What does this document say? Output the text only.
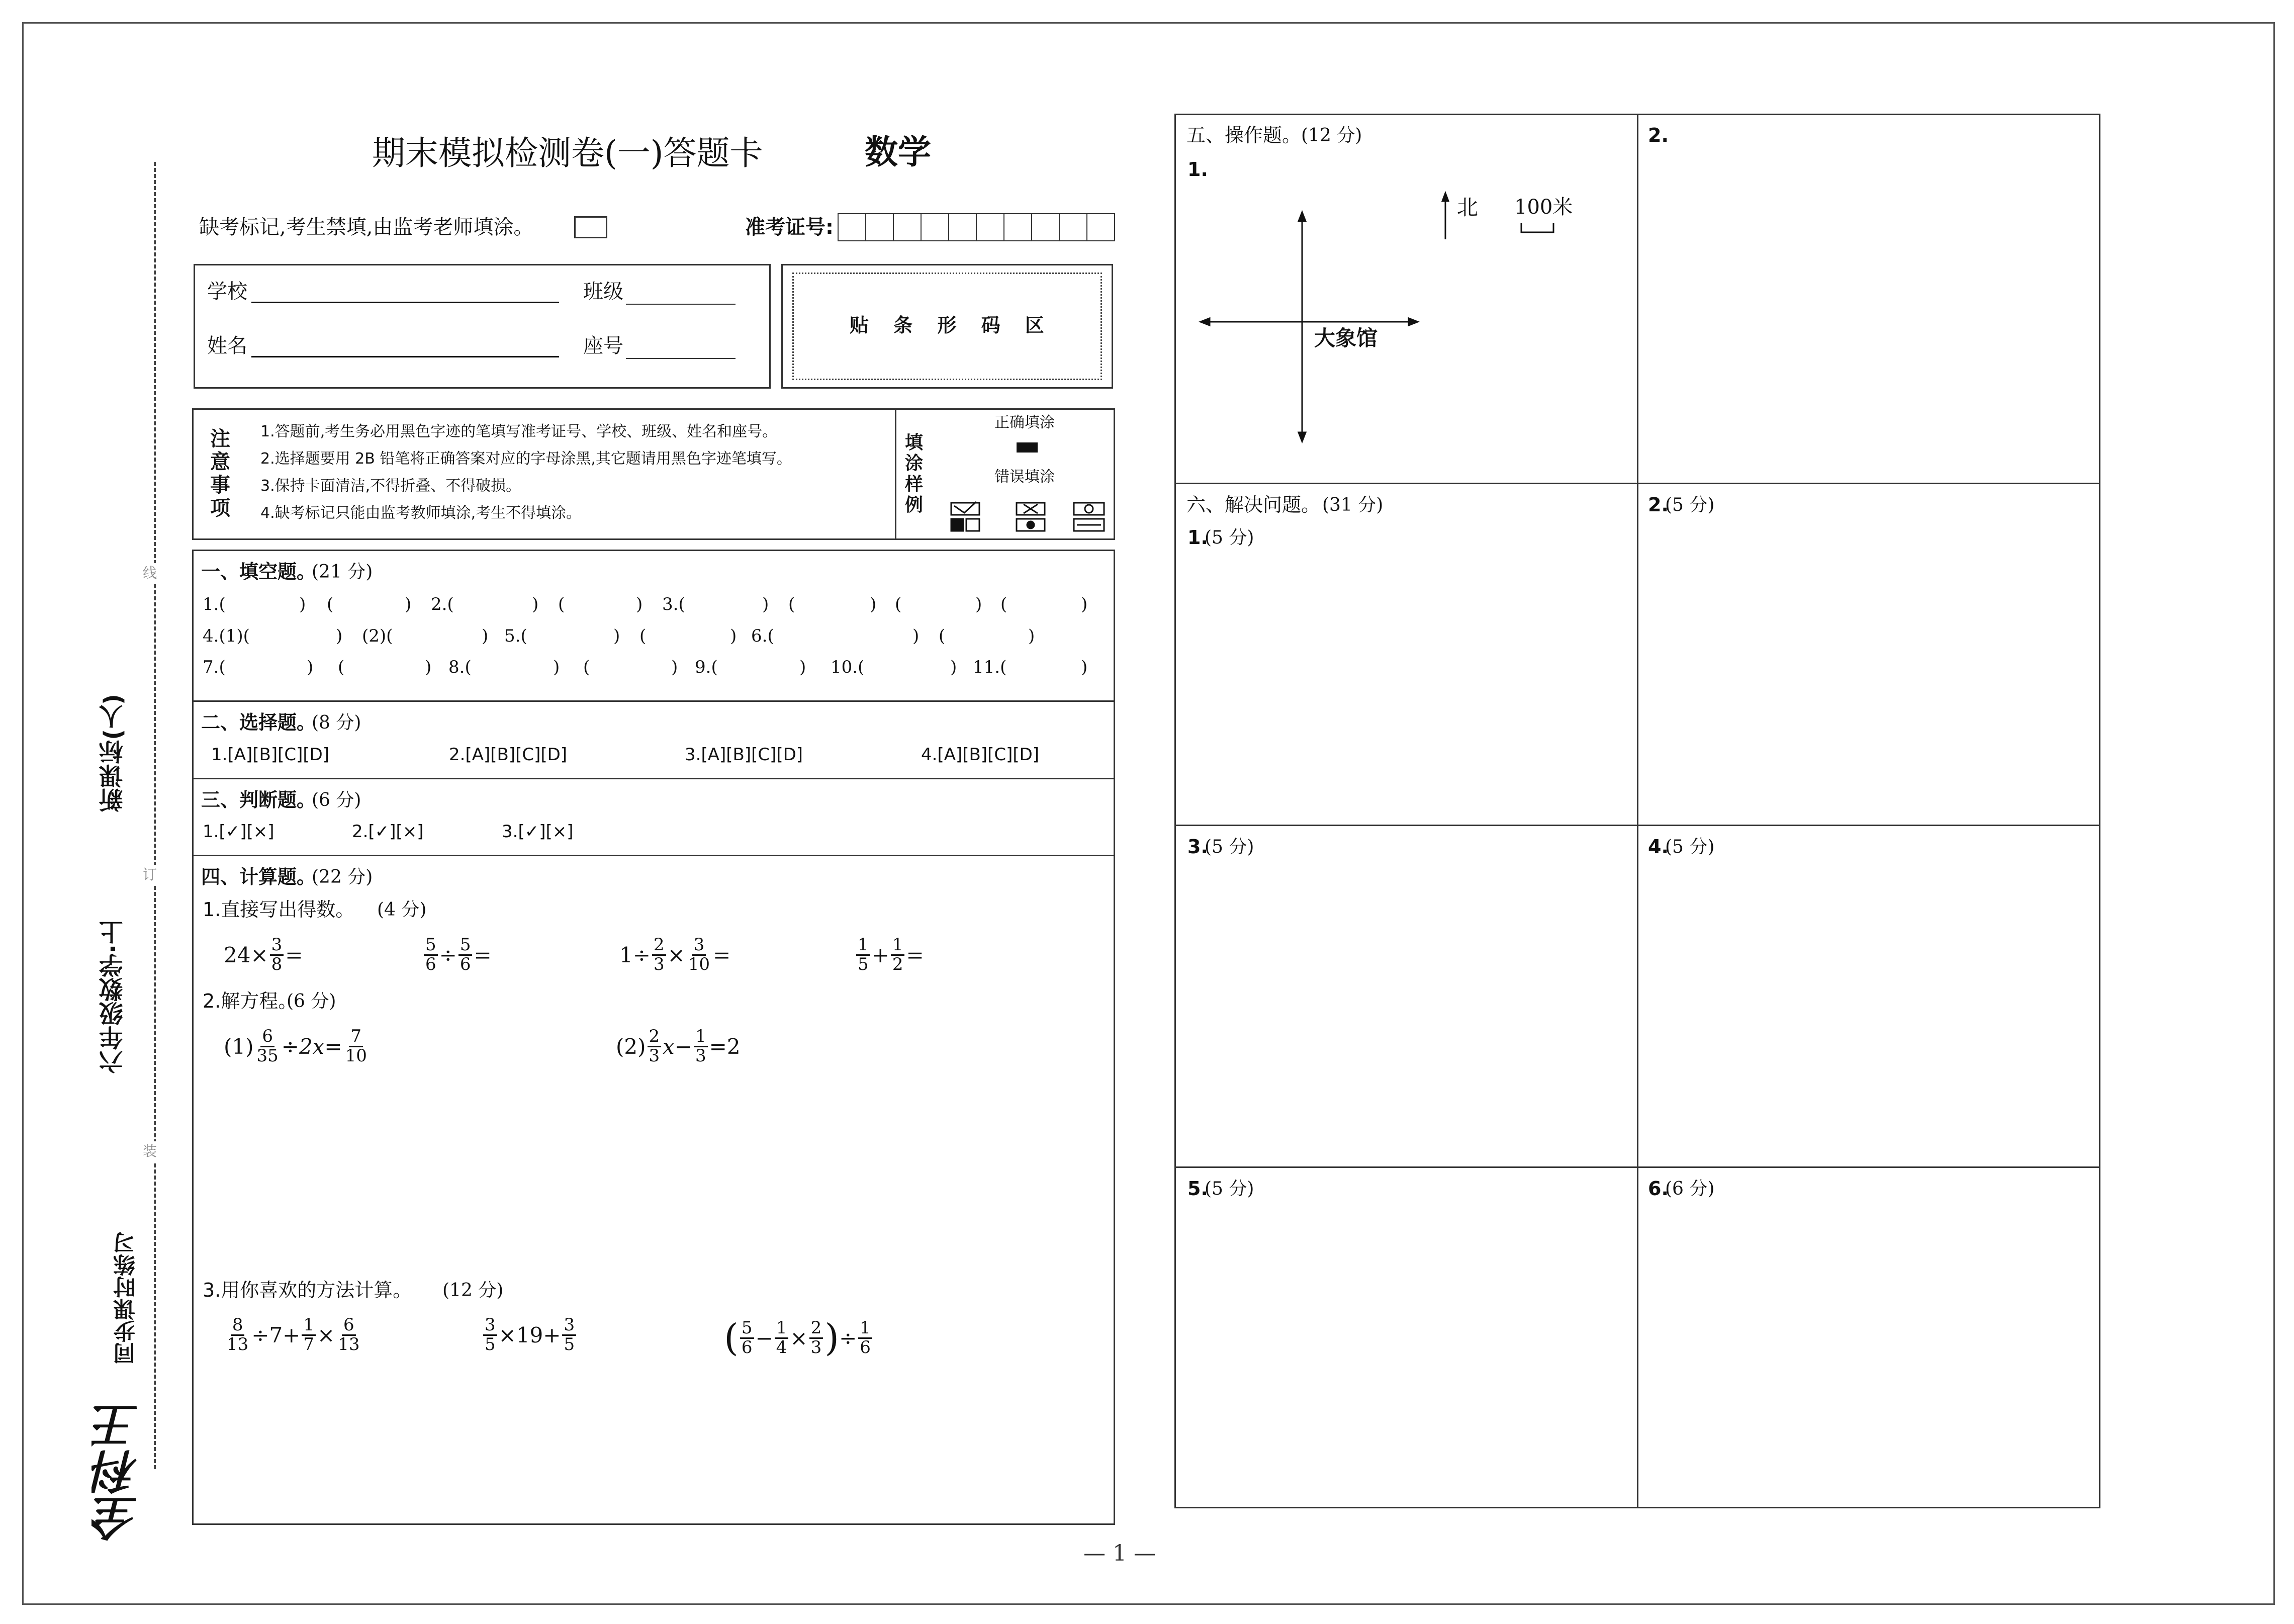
线
订
装
新课标(人)
六年级数学·上
同步课时练习
全科王
期末模拟检测卷(一)答题卡	数学
缺考标记,考生禁填,由监考老师填涂。	准考证号:
学校	班级
姓名	座号
贴 条 形 码 区
注
意
事
项
1.答题前,考生务必用黑色字迹的笔填写准考证号、学校、班级、姓名和座号。
2.选择题要用 2B 铅笔将正确答案对应的字母涂黑,其它题请用黑色字迹笔填写。
3.保持卡面清洁,不得折叠、不得破损。
4.缺考标记只能由监考教师填涂,考生不得填涂。
填
涂
样
例
正确填涂
错误填涂
一、填空题。
(21 分)
1.(	) (	) 2.(	) (	) 3.(	) (	) (	) (	)
4.(1)(	) (2)(	) 5.(	) (	) 6.(	) (	)
7.(	) (	) 8.(	) (	) 9.(	) 10.(	) 11.(	)
二、选择题。
(8 分)
1.[A][B][C][D]	2.[A][B][C][D]	3.[A][B][C][D]	4.[A][B][C][D]
三、判断题。
(6 分)
1.[✓][×]	2.[✓][×]	3.[✓][×]
四、计算题。
(22 分)
1.直接写出得数。 (4 分)
$24 \times \frac{3}{8}$ =	$\frac{5}{6} \div \frac{5}{6}$ =	$1 \div \frac{2}{3} \times \frac{3}{10}$ =	$\frac{1}{5} + \frac{1}{2}$ =
2.解方程。
(6 分)
$(1) \frac{6}{35} \div 2x= \frac{7}{10}$	$(2) \frac{2}{3}$ $x - \frac{1}{3} =2$
3.用你喜欢的方法计算。 (12 分)
$\frac{8}{13} \div 7+ \frac{1}{7} \times \frac{6}{13}$	$\frac{3}{5} \times 19+ \frac{3}{5}$	( $\frac{5}{6} - \frac{1}{4} \times \frac{2}{3}$ ) ÷ $\frac{1}{6}$
五、操作题。 (12 分)
1.
2.
北 100米
大象馆
六、解决问题。 (31 分)
1.
(5 分)
2.
(5 分)
3.
(5 分)	4.
(5 分)
5.
(5 分)	6.
(6 分)
— 1 —
